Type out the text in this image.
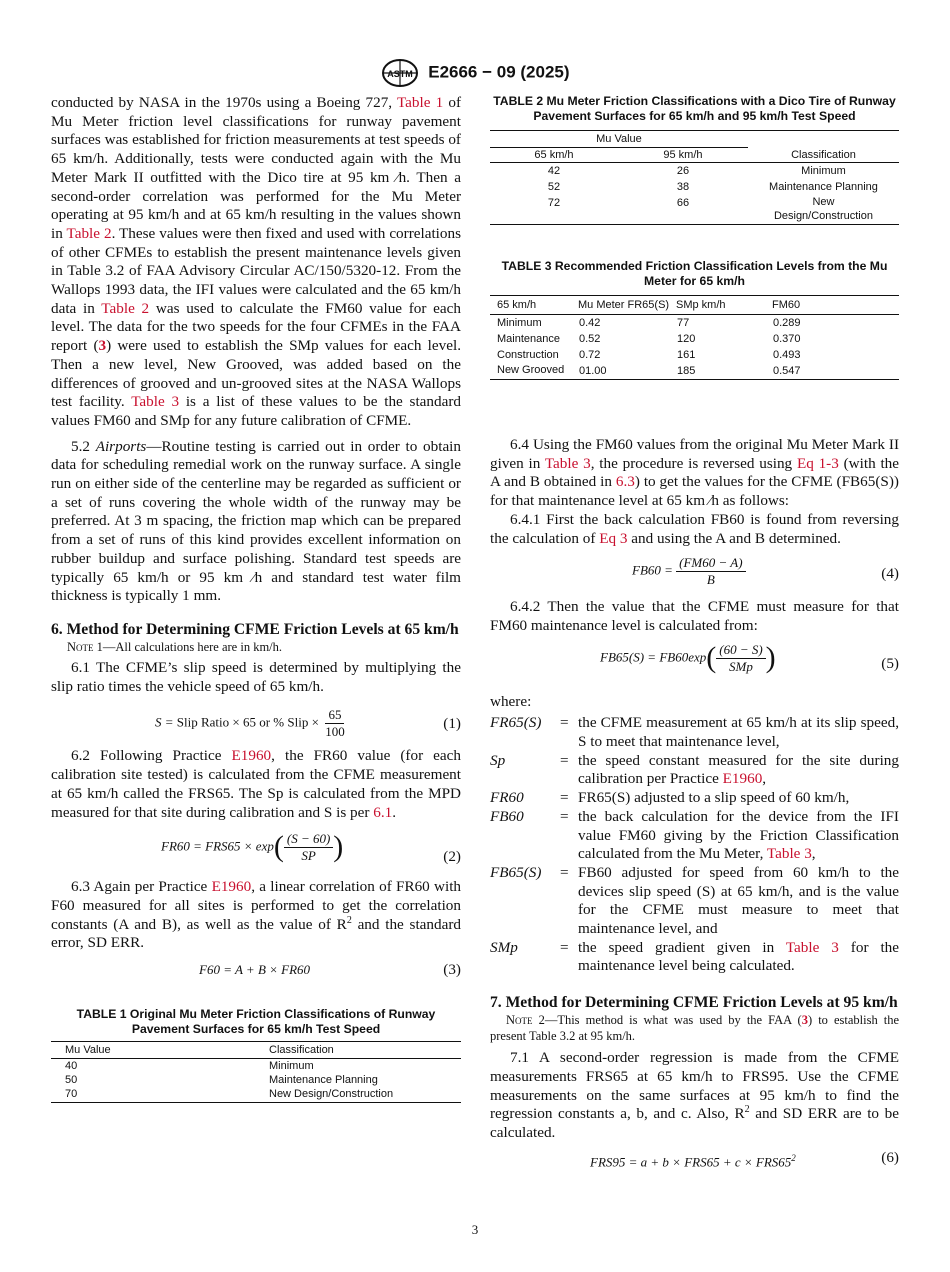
ASTM E2666 − 09 (2025)

conducted by NASA in the 1970s using a Boeing 727, Table 1 of Mu Meter friction level classifications for runway pavement surfaces was established for friction measurements at test speeds of 65 km/h. Additionally, tests were conducted again with the Mu Meter Mark II outfitted with the Dico tire at 95 km ⁄h. Then a second-order correlation was performed for the Mu Meter operating at 95 km/h and at 65 km/h resulting in the values shown in Table 2. These values were then fixed and used with correlations of other CFMEs to establish the present maintenance levels given in Table 3.2 of FAA Advisory Circular AC/150/5320-12. From the Wallops 1993 data, the IFI values were calculated and the 65 km/h data in Table 2 was used to calculate the FM60 value for each level. The data for the two speeds for the four CFMEs in the FAA report (3) were used to establish the SMp values for each level. Then a new level, New Grooved, was added based on the differences of grooved and un-grooved sites at the NASA Wallops test facility. Table 3 is a list of these values to be the standard values FM60 and SMp for any future calibration of CFME.

5.2 Airports—Routine testing is carried out in order to obtain data for scheduling remedial work on the runway surface. A single run on either side of the centerline may be regarded as sufficient or a set of runs covering the whole width of the runway may be preferred. At 3 m spacing, the friction map which can be prepared from a set of runs of this kind provides excellent information on rubber buildup and surface polishing. Standard test speeds are typically 65 km/h or 95 km ⁄h and standard test water film thickness is typically 1 mm.

6. Method for Determining CFME Friction Levels at 65 km/h

Note 1—All calculations here are in km/h.

6.1 The CFME’s slip speed is determined by multiplying the slip ratio times the vehicle speed of 65 km/h.

S = Slip Ratio × 65 or % Slip × $\frac{65}{100}$	(1)

6.2 Following Practice E1960, the FR60 value (for each calibration site tested) is calculated from the CFME measurement at 65 km/h called the FRS65. The Sp is calculated from the MPD measured for that site during calibration and S is per 6.1.

$FR60 = FRS65 \times \exp( \frac{(S - 60)}{SP}$ )	(2)

6.3 Again per Practice E1960, a linear correlation of FR60 with F60 measured for all sites is performed to get the correlation constants (A and B), as well as the value of $R^2$ and the standard error, SD ERR.

F60 = A + B × FR60	(3)

TABLE 1 Original Mu Meter Friction Classifications of Runway Pavement Surfaces for 65 km/h Test Speed

Mu Value	Classification
40	Minimum
50	Maintenance Planning
70	New Design/Construction

TABLE 2 Mu Meter Friction Classifications with a Dico Tire of Runway Pavement Surfaces for 65 km/h and 95 km/h Test Speed

Mu Value		
65 km/h	95 km/h	Classification
42	26	Minimum
52	38	Maintenance Planning
72	66	New Design/Construction

TABLE 3 Recommended Friction Classification Levels from the Mu Meter for 65 km/h

65 km/h	Mu Meter FR65(S)	SMp km/h	FM60
Minimum	0.42	77	0.289
Maintenance	0.52	120	0.370
Construction	0.72	161	0.493
New Grooved	01.00	185	0.547

6.4 Using the FM60 values from the original Mu Meter Mark II given in Table 3, the procedure is reversed using Eq 1-3 (with the A and B obtained in 6.3) to get the values for the CFME (FB65(S)) for that maintenance level at 65 km ⁄h as follows:

6.4.1 First the back calculation FB60 is found from reversing the calculation of Eq 3 and using the A and B determined.

$FB60 = \frac{(FM60 - A)}{B}$	(4)

6.4.2 Then the value that the CFME must measure for that FM60 maintenance level is calculated from:

$FB65(S) = FB60\exp( \frac{(60 - S)}{\text{SMp}}$ )	(5)

where:

FR65(S)	= the CFME measurement at 65 km/h at its slip speed, S to meet that maintenance level,
Sp	= the speed constant measured for the site during calibration per Practice E1960,
FR60	= FR65(S) adjusted to a slip speed of 60 km/h,
FB60	= the back calculation for the device from the IFI value FM60 giving by the Friction Classification calculated from the Mu Meter, Table 3,
FB65(S)	= FB60 adjusted for speed from 60 km/h to the devices slip speed (S) at 65 km/h, and is the value for the CFME must measure to meet that maintenance level, and
SMp	= the speed gradient given in Table 3 for the maintenance level being calculated.

7. Method for Determining CFME Friction Levels at 95 km/h

Note 2—This method is what was used by the FAA (3) to establish the present Table 3.2 at 95 km/h.

7.1 A second-order regression is made from the CFME measurements FRS65 at 65 km/h to FRS95. Use the CFME measurements on the same surfaces at 95 km/h to find the regression constants a, b, and c. Also, $R^2$ and SD ERR are to be calculated.

$FRS95 = a + b \times FRS65 + c \times FRS65^2$	(6)
3
